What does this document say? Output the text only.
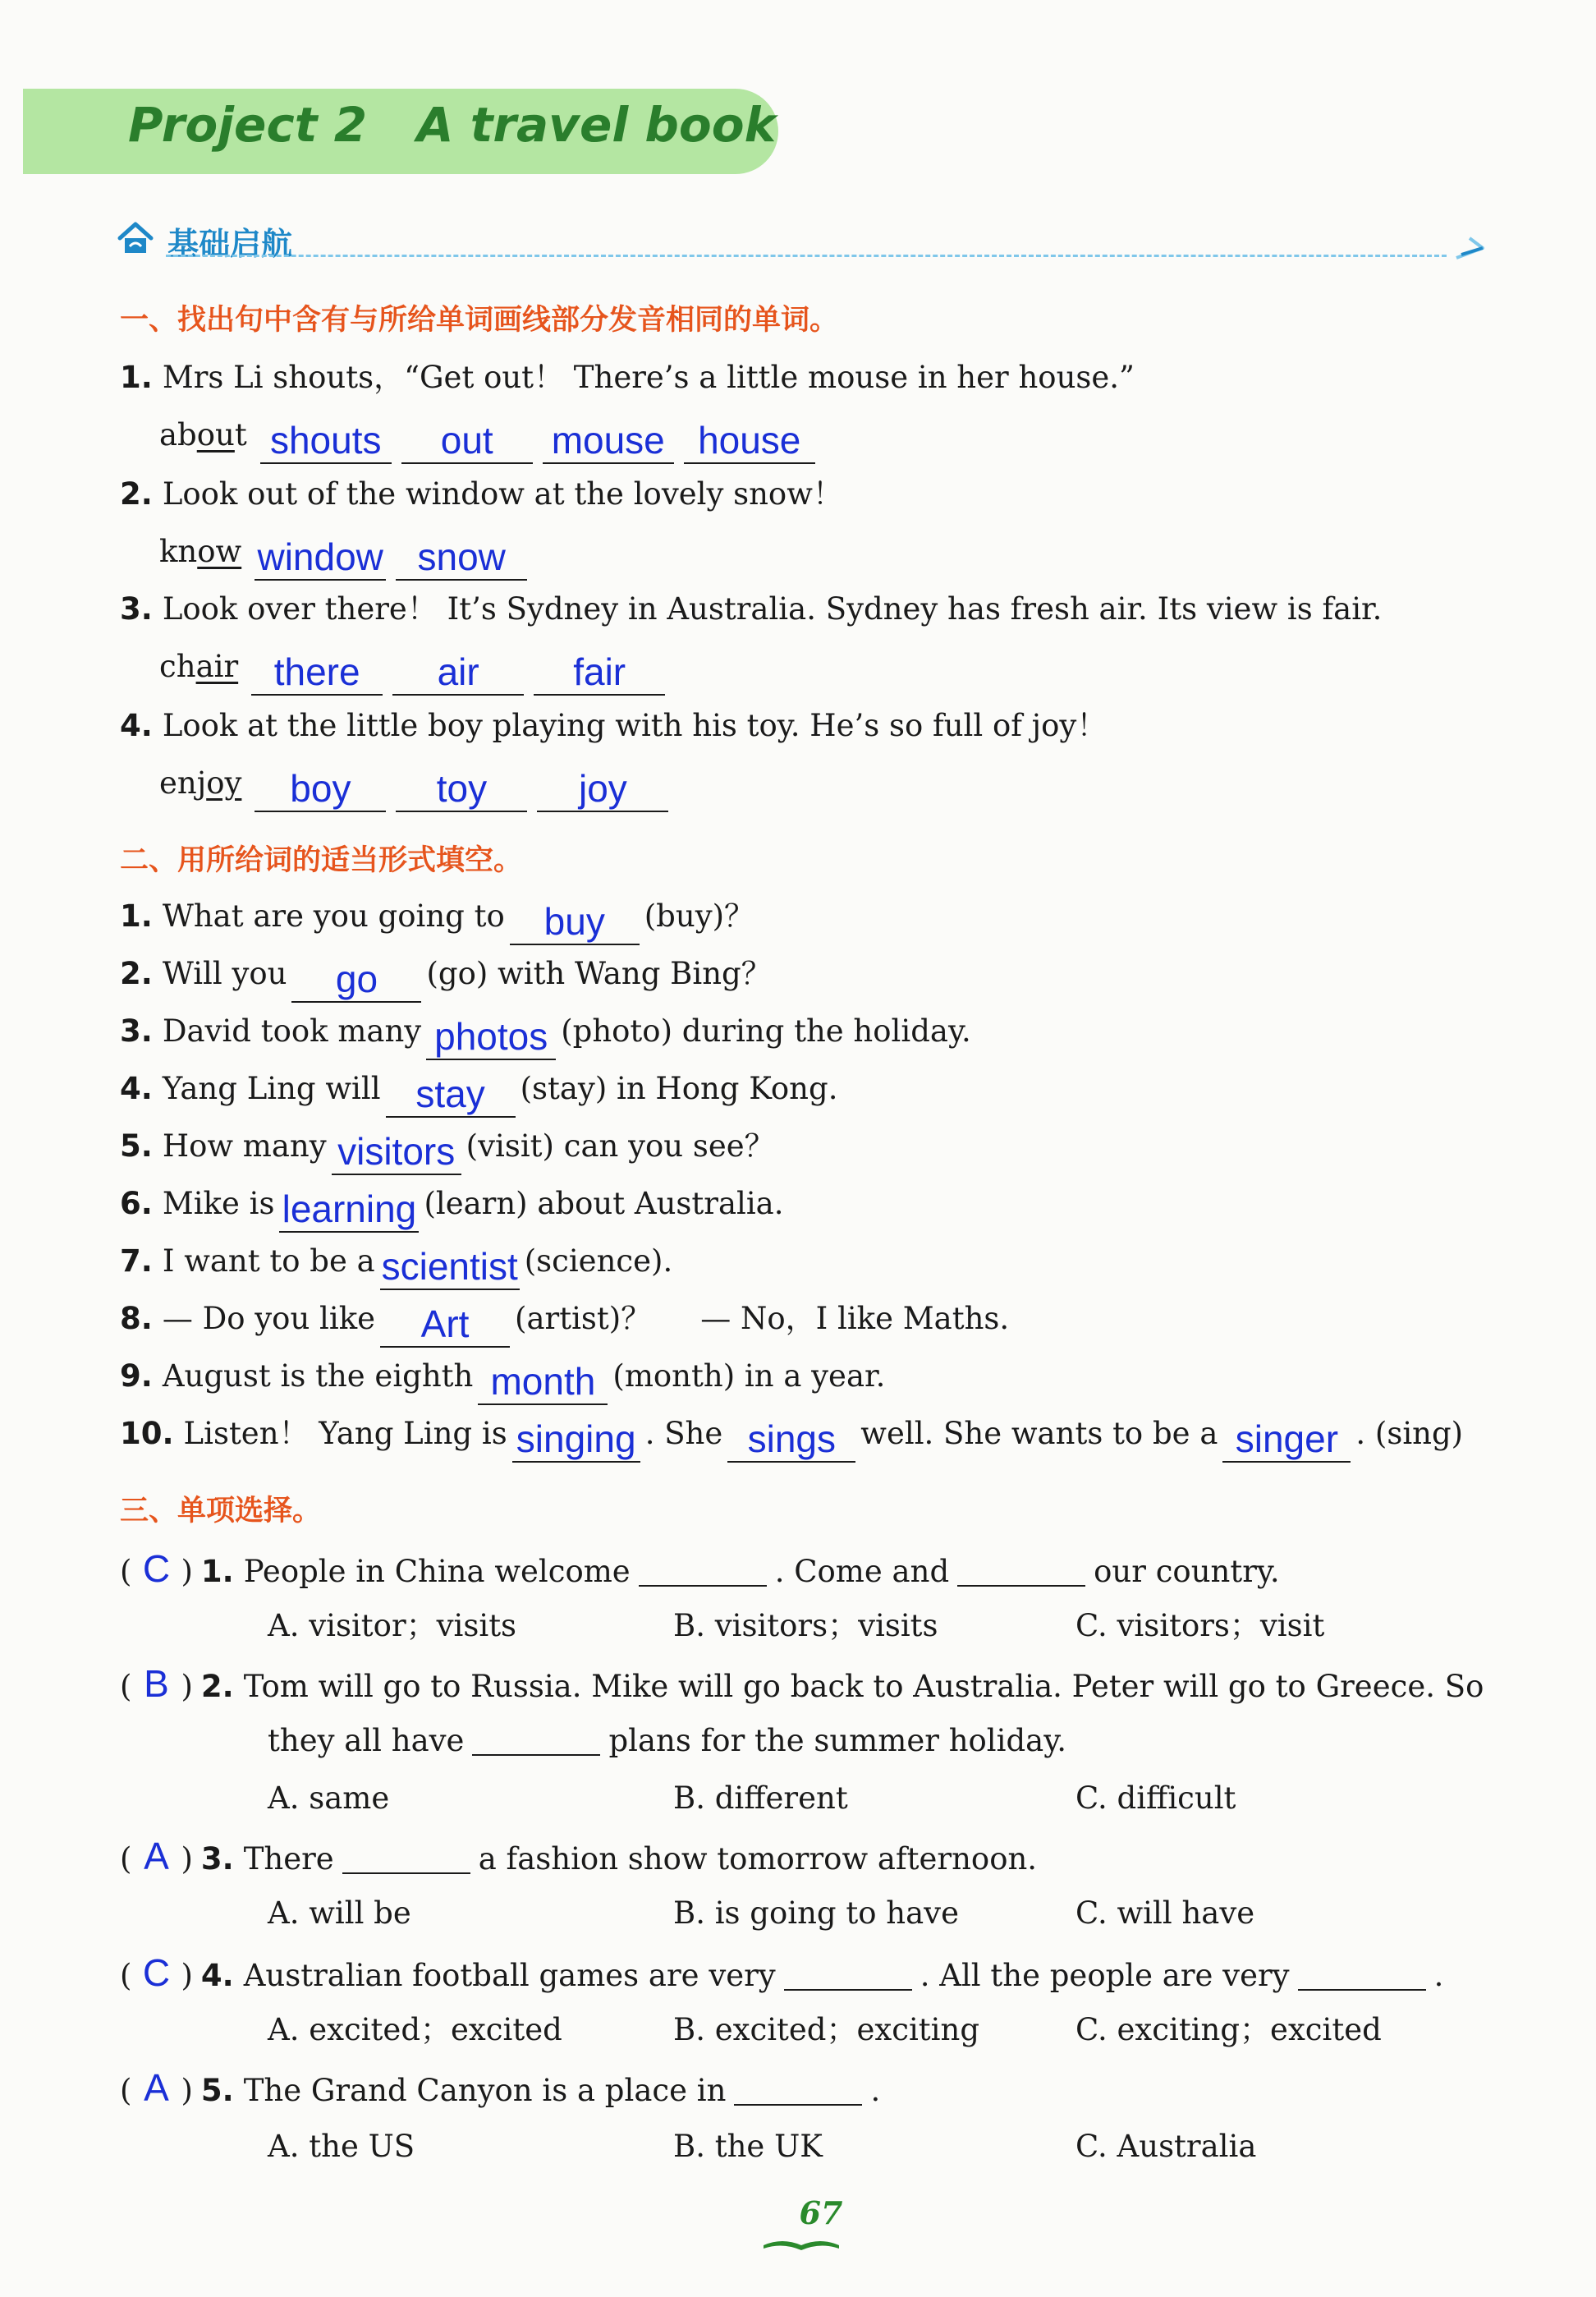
Project 2   A travel book
基础启航
一、找出句中含有与所给单词画线部分发音相同的单词。
1. Mrs Li shouts，“Get out！ There’s a little mouse in her house.”
about shouts out mouse house
2. Look out of the window at the lovely snow！
know window snow
3. Look over there！ It’s Sydney in Australia. Sydney has fresh air. Its view is fair.
chair there air fair
4. Look at the little boy playing with his toy. He’s so full of joy！
enjoy boy toy joy
二、用所给词的适当形式填空。
1. What are you going to buy (buy)？
2. Will you go (go) with Wang Bing？
3. David took many photos (photo) during the holiday.
4. Yang Ling will stay (stay) in Hong Kong.
5. How many visitors (visit) can you see？
6. Mike is learning (learn) about Australia.
7. I want to be a scientist (science).
8. — Do you like Art (artist)？ — No，I like Maths.
9. August is the eighth month (month) in a year.
10. Listen！ Yang Ling is singing . She sings well. She wants to be a singer . (sing)
三、单项选择。
( C ) 1. People in China welcome	. Come and	our country.
A. visitor；visits	B. visitors；visits	C. visitors；visit
( B ) 2. Tom will go to Russia. Mike will go back to Australia. Peter will go to Greece. So
they all have	plans for the summer holiday.
A. same	B. different	C. difficult
( A ) 3. There	a fashion show tomorrow afternoon.
A. will be	B. is going to have	C. will have
( C ) 4. Australian football games are very	. All the people are very	.
A. excited；excited	B. excited；exciting	C. exciting；excited
( A ) 5. The Grand Canyon is a place in	.
A. the US	B. the UK	C. Australia
67
